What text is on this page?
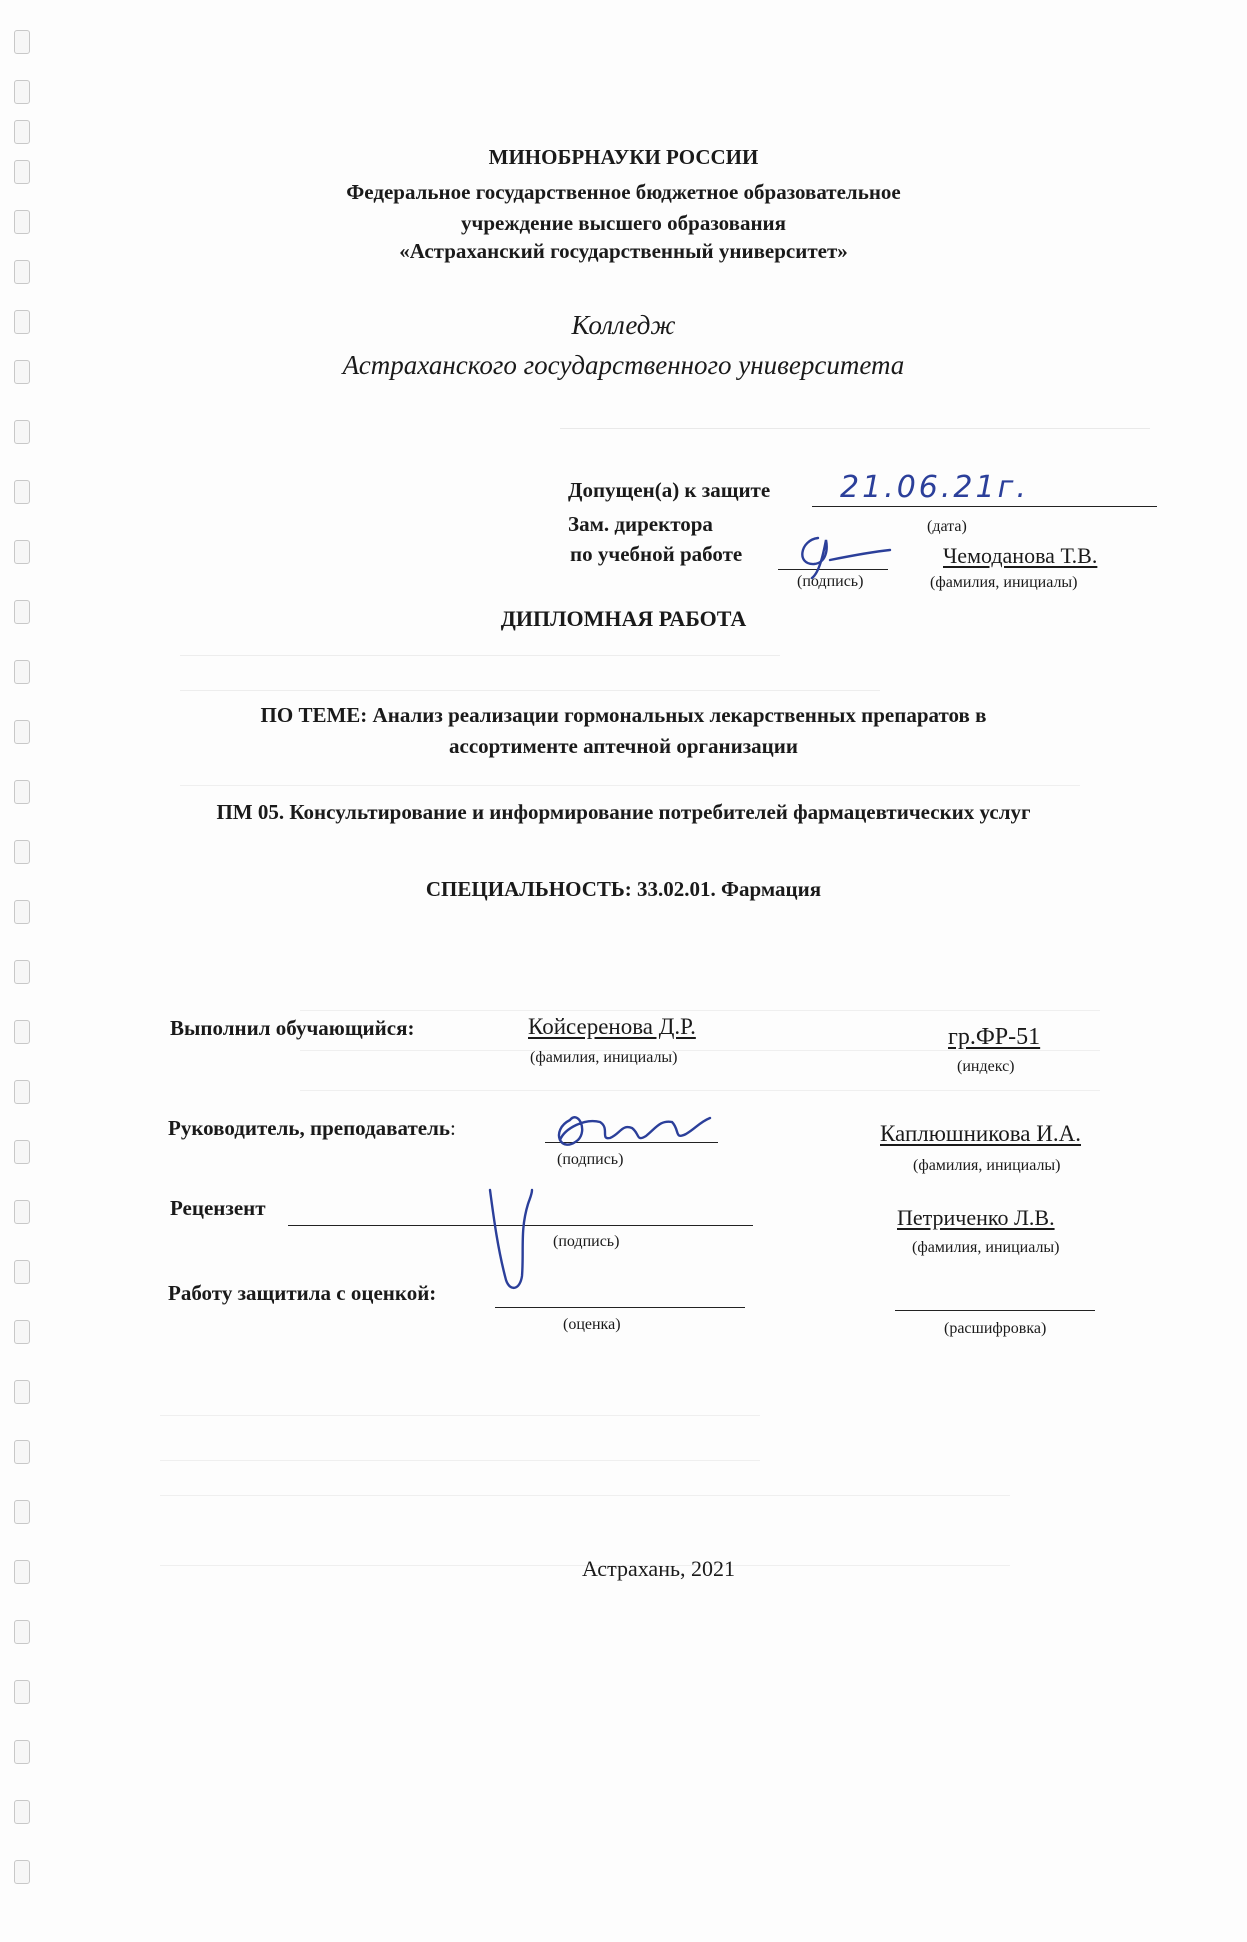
МИНОБРНАУКИ РОССИИ
Федеральное государственное бюджетное образовательное
учреждение высшего образования
«Астраханский государственный университет»
Колледж
Астраханского государственного университета
Допущен(а) к защите 21.06.21г.
(дата)
Зам. директора
по учебной работе
(подпись)
Чемоданова Т.В.
(фамилия, инициалы)
ДИПЛОМНАЯ РАБОТА
ПО ТЕМЕ: Анализ реализации гормональных лекарственных препаратов в
ассортименте аптечной организации
ПМ 05. Консультирование и информирование потребителей фармацевтических услуг
СПЕЦИАЛЬНОСТЬ: 33.02.01. Фармация
Выполнил обучающийся:	Койсеренова Д.Р.
(фамилия, инициалы)
гр.ФР-51
(индекс)
Руководитель, преподаватель:
(подпись)
Каплюшникова И.А.
(фамилия, инициалы)
Рецензент
(подпись)
Петриченко Л.В.
(фамилия, инициалы)
Работу защитила с оценкой:
(оценка)	(расшифровка)
Астрахань, 2021
